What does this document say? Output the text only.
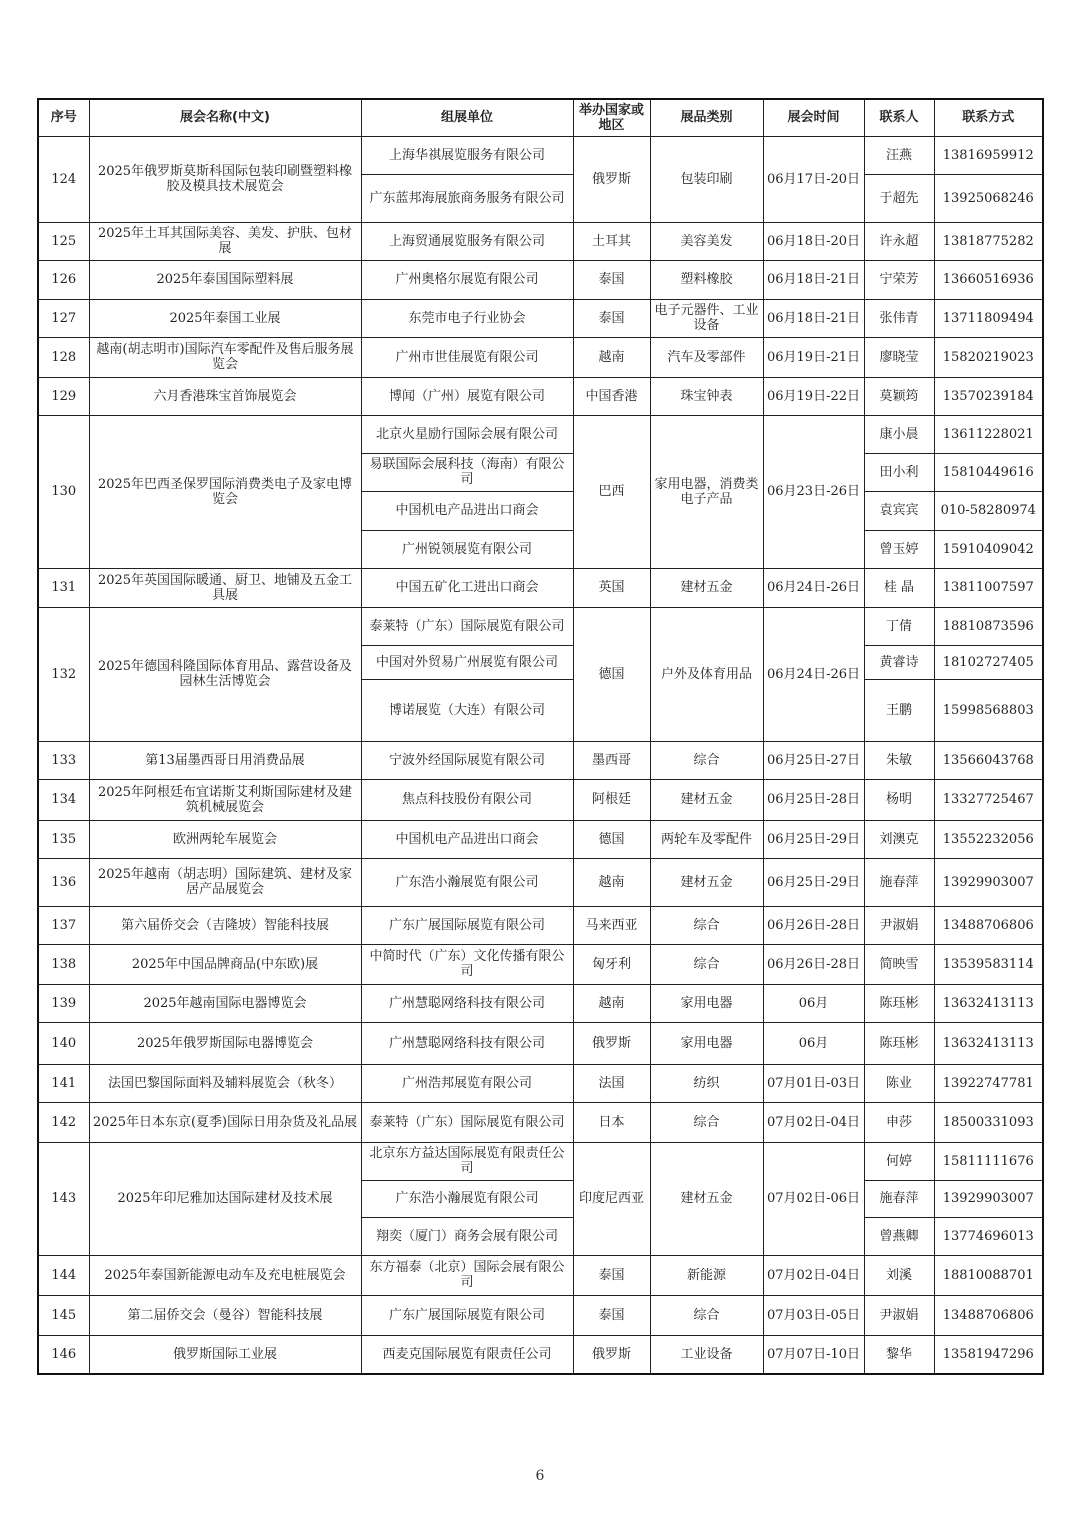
序号	展会名称(中文)	组展单位	举办国家或地区	展品类别	展会时间	联系人	联系方式
124	2025年俄罗斯莫斯科国际包装印刷暨塑料橡胶及模具技术展览会	上海华祺展览服务有限公司	俄罗斯	包装印刷	06月17日-20日	汪燕	13816959912
		广东蓝邦海展旅商务服务有限公司				于超先	13925068246
125	2025年土耳其国际美容、美发、护肤、包材展	上海贸通展览服务有限公司	土耳其	美容美发	06月18日-20日	许永超	13818775282
126	2025年泰国国际塑料展	广州奥格尔展览有限公司	泰国	塑料橡胶	06月18日-21日	宁荣芳	13660516936
127	2025年泰国工业展	东莞市电子行业协会	泰国	电子元器件、工业设备	06月18日-21日	张伟青	13711809494
128	越南(胡志明市)国际汽车零配件及售后服务展览会	广州市世佳展览有限公司	越南	汽车及零部件	06月19日-21日	廖晓莹	15820219023
129	六月香港珠宝首饰展览会	博闻（广州）展览有限公司	中国香港	珠宝钟表	06月19日-22日	莫颖筠	13570239184
130	2025年巴西圣保罗国际消费类电子及家电博览会	北京火星励行国际会展有限公司	巴西	家用电器，消费类电子产品	06月23日-26日	康小晨	13611228021
		易联国际会展科技（海南）有限公司				田小利	15810449616
		中国机电产品进出口商会				袁宾宾	010-58280974
		广州锐领展览有限公司				曾玉婷	15910409042
131	2025年英国国际暖通、厨卫、地铺及五金工具展	中国五矿化工进出口商会	英国	建材五金	06月24日-26日	桂 晶	13811007597
132	2025年德国科隆国际体育用品、露营设备及园林生活博览会	泰莱特（广东）国际展览有限公司	德国	户外及体育用品	06月24日-26日	丁倩	18810873596
		中国对外贸易广州展览有限公司				黄睿诗	18102727405
		博诺展览（大连）有限公司				王鹏	15998568803
133	第13届墨西哥日用消费品展	宁波外经国际展览有限公司	墨西哥	综合	06月25日-27日	朱敏	13566043768
134	2025年阿根廷布宜诺斯艾利斯国际建材及建筑机械展览会	焦点科技股份有限公司	阿根廷	建材五金	06月25日-28日	杨明	13327725467
135	欧洲两轮车展览会	中国机电产品进出口商会	德国	两轮车及零配件	06月25日-29日	刘澳克	13552232056
136	2025年越南（胡志明）国际建筑、建材及家居产品展览会	广东浩小瀚展览有限公司	越南	建材五金	06月25日-29日	施春萍	13929903007
137	第六届侨交会（吉隆坡）智能科技展	广东广展国际展览有限公司	马来西亚	综合	06月26日-28日	尹淑娟	13488706806
138	2025年中国品牌商品(中东欧)展	中简时代（广东）文化传播有限公司	匈牙利	综合	06月26日-28日	简映雪	13539583114
139	2025年越南国际电器博览会	广州慧聪网络科技有限公司	越南	家用电器	06月	陈珏彬	13632413113
140	2025年俄罗斯国际电器博览会	广州慧聪网络科技有限公司	俄罗斯	家用电器	06月	陈珏彬	13632413113
141	法国巴黎国际面料及辅料展览会（秋冬）	广州浩邦展览有限公司	法国	纺织	07月01日-03日	陈业	13922747781
142	2025年日本东京(夏季)国际日用杂货及礼品展	泰莱特（广东）国际展览有限公司	日本	综合	07月02日-04日	申莎	18500331093
143	2025年印尼雅加达国际建材及技术展	北京东方益达国际展览有限责任公司	印度尼西亚	建材五金	07月02日-06日	何婷	15811111676
		广东浩小瀚展览有限公司				施春萍	13929903007
		翔奕（厦门）商务会展有限公司				曾燕卿	13774696013
144	2025年泰国新能源电动车及充电桩展览会	东方福泰（北京）国际会展有限公司	泰国	新能源	07月02日-04日	刘溪	18810088701
145	第二届侨交会（曼谷）智能科技展	广东广展国际展览有限公司	泰国	综合	07月03日-05日	尹淑娟	13488706806
146	俄罗斯国际工业展	西麦克国际展览有限责任公司	俄罗斯	工业设备	07月07日-10日	黎华	13581947296
6
